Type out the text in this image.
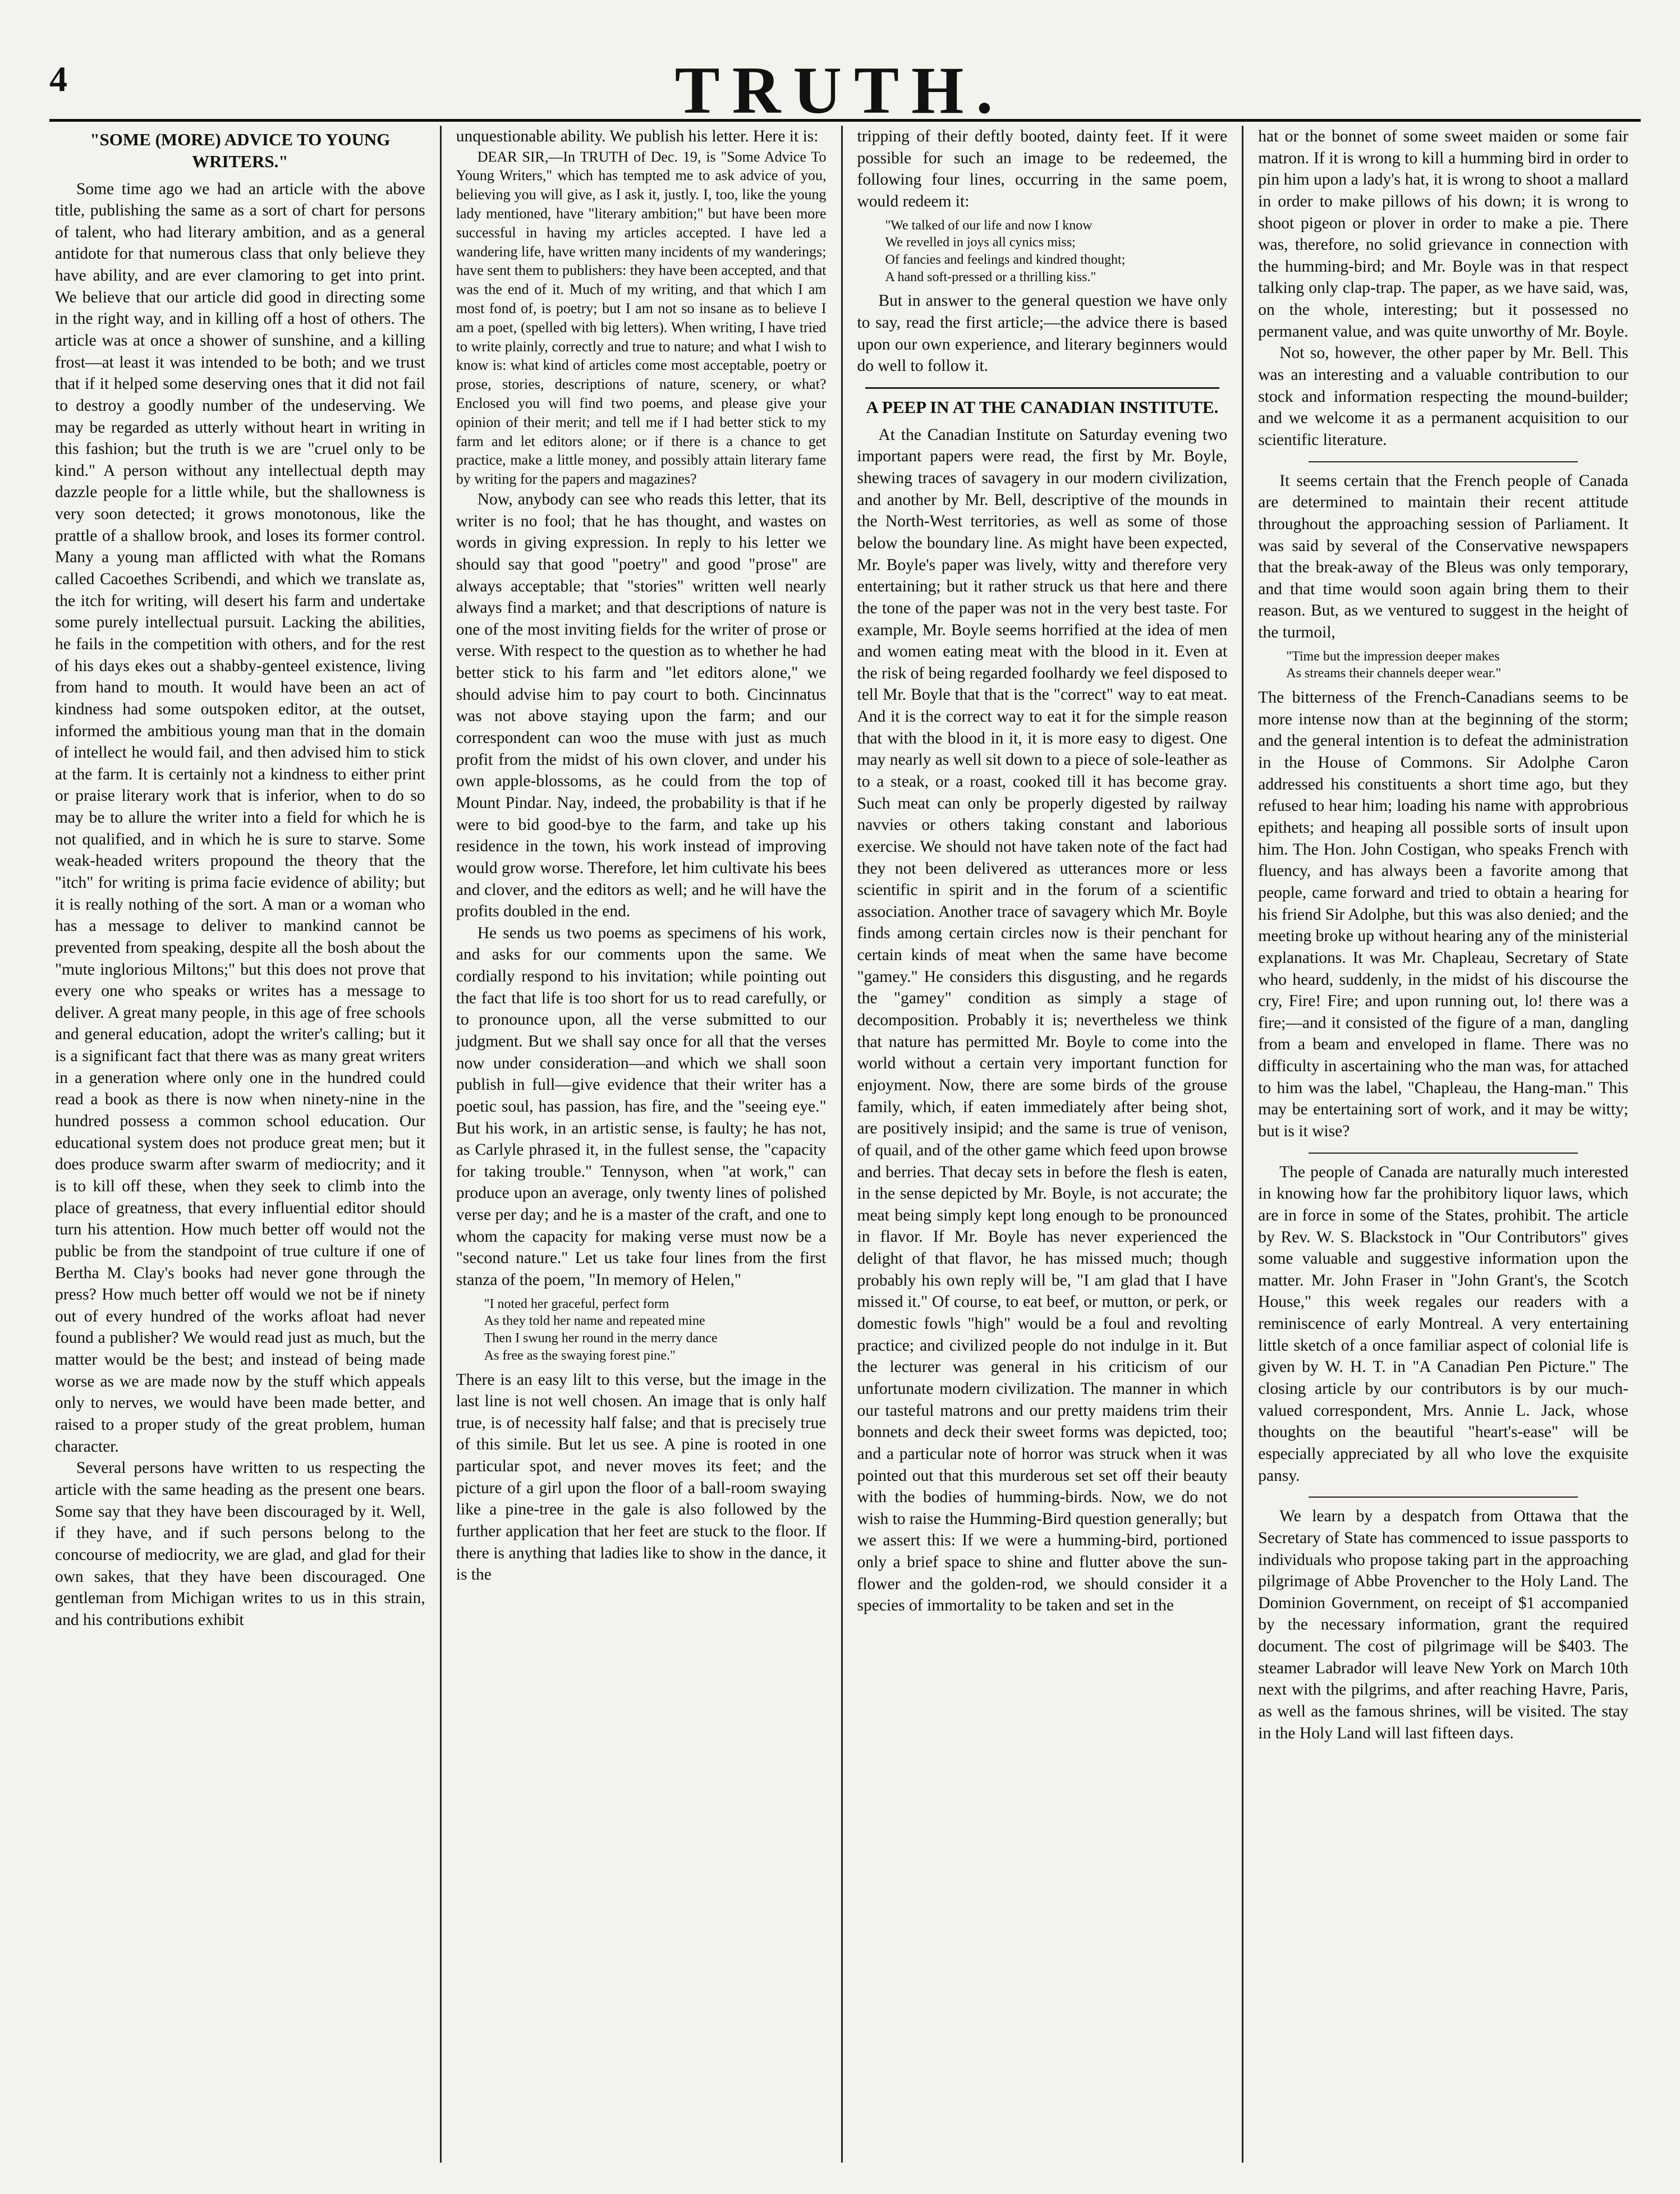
4	TRUTH.
"SOME (MORE) ADVICE TO YOUNG WRITERS."

Some time ago we had an article with the above title, publishing the same as a sort of chart for persons of talent, who had literary ambition, and as a general antidote for that numerous class that only believe they have ability, and are ever clamoring to get into print. We believe that our article did good in directing some in the right way, and in killing off a host of others. The article was at once a shower of sunshine, and a killing frost—at least it was intended to be both; and we trust that if it helped some deserving ones that it did not fail to destroy a goodly number of the undeserving. We may be regarded as utterly without heart in writing in this fashion; but the truth is we are "cruel only to be kind." A person without any intellectual depth may dazzle people for a little while, but the shallowness is very soon detected; it grows monotonous, like the prattle of a shallow brook, and loses its former control. Many a young man afflicted with what the Romans called Cacoethes Scribendi, and which we translate as, the itch for writing, will desert his farm and undertake some purely intellectual pursuit. Lacking the abilities, he fails in the competition with others, and for the rest of his days ekes out a shabby-genteel existence, living from hand to mouth. It would have been an act of kindness had some outspoken editor, at the outset, informed the ambitious young man that in the domain of intellect he would fail, and then advised him to stick at the farm. It is certainly not a kindness to either print or praise literary work that is inferior, when to do so may be to allure the writer into a field for which he is not qualified, and in which he is sure to starve. Some weak-headed writers propound the theory that the "itch" for writing is prima facie evidence of ability; but it is really nothing of the sort. A man or a woman who has a message to deliver to mankind cannot be prevented from speaking, despite all the bosh about the "mute inglorious Miltons;" but this does not prove that every one who speaks or writes has a message to deliver. A great many people, in this age of free schools and general education, adopt the writer's calling; but it is a significant fact that there was as many great writers in a generation where only one in the hundred could read a book as there is now when ninety-nine in the hundred possess a common school education. Our educational system does not produce great men; but it does produce swarm after swarm of mediocrity; and it is to kill off these, when they seek to climb into the place of greatness, that every influential editor should turn his attention. How much better off would not the public be from the standpoint of true culture if one of Bertha M. Clay's books had never gone through the press? How much better off would we not be if ninety out of every hundred of the works afloat had never found a publisher? We would read just as much, but the matter would be the best; and instead of being made worse as we are made now by the stuff which appeals only to nerves, we would have been made better, and raised to a proper study of the great problem, human character.

Several persons have written to us respecting the article with the same heading as the present one bears. Some say that they have been discouraged by it. Well, if they have, and if such persons belong to the concourse of mediocrity, we are glad, and glad for their own sakes, that they have been discouraged. One gentleman from Michigan writes to us in this strain, and his contributions exhibit

unquestionable ability. We publish his letter. Here it is:

DEAR SIR,—In TRUTH of Dec. 19, is "Some Advice To Young Writers," which has tempted me to ask advice of you, believing you will give, as I ask it, justly. I, too, like the young lady mentioned, have "literary ambition;" but have been more successful in having my articles accepted. I have led a wandering life, have written many incidents of my wanderings; have sent them to publishers: they have been accepted, and that was the end of it. Much of my writing, and that which I am most fond of, is poetry; but I am not so insane as to believe I am a poet, (spelled with big letters). When writing, I have tried to write plainly, correctly and true to nature; and what I wish to know is: what kind of articles come most acceptable, poetry or prose, stories, descriptions of nature, scenery, or what? Enclosed you will find two poems, and please give your opinion of their merit; and tell me if I had better stick to my farm and let editors alone; or if there is a chance to get practice, make a little money, and possibly attain literary fame by writing for the papers and magazines?

Now, anybody can see who reads this letter, that its writer is no fool; that he has thought, and wastes on words in giving expression. In reply to his letter we should say that good "poetry" and good "prose" are always acceptable; that "stories" written well nearly always find a market; and that descriptions of nature is one of the most inviting fields for the writer of prose or verse. With respect to the question as to whether he had better stick to his farm and "let editors alone," we should advise him to pay court to both. Cincinnatus was not above staying upon the farm; and our correspondent can woo the muse with just as much profit from the midst of his own clover, and under his own apple-blossoms, as he could from the top of Mount Pindar. Nay, indeed, the probability is that if he were to bid good-bye to the farm, and take up his residence in the town, his work instead of improving would grow worse. Therefore, let him cultivate his bees and clover, and the editors as well; and he will have the profits doubled in the end.

He sends us two poems as specimens of his work, and asks for our comments upon the same. We cordially respond to his invitation; while pointing out the fact that life is too short for us to read carefully, or to pronounce upon, all the verse submitted to our judgment. But we shall say once for all that the verses now under consideration—and which we shall soon publish in full—give evidence that their writer has a poetic soul, has passion, has fire, and the "seeing eye." But his work, in an artistic sense, is faulty; he has not, as Carlyle phrased it, in the fullest sense, the "capacity for taking trouble." Tennyson, when "at work," can produce upon an average, only twenty lines of polished verse per day; and he is a master of the craft, and one to whom the capacity for making verse must now be a "second nature." Let us take four lines from the first stanza of the poem, "In memory of Helen,"

"I noted her graceful, perfect form
As they told her name and repeated mine
Then I swung her round in the merry dance
As free as the swaying forest pine."

There is an easy lilt to this verse, but the image in the last line is not well chosen. An image that is only half true, is of necessity half false; and that is precisely true of this simile. But let us see. A pine is rooted in one particular spot, and never moves its feet; and the picture of a girl upon the floor of a ball-room swaying like a pine-tree in the gale is also followed by the further application that her feet are stuck to the floor. If there is anything that ladies like to show in the dance, it is the

tripping of their deftly booted, dainty feet. If it were possible for such an image to be redeemed, the following four lines, occurring in the same poem, would redeem it:

"We talked of our life and now I know
We revelled in joys all cynics miss;
Of fancies and feelings and kindred thought;
A hand soft-pressed or a thrilling kiss."

But in answer to the general question we have only to say, read the first article;—the advice there is based upon our own experience, and literary beginners would do well to follow it.

A PEEP IN AT THE CANADIAN INSTITUTE.

At the Canadian Institute on Saturday evening two important papers were read, the first by Mr. Boyle, shewing traces of savagery in our modern civilization, and another by Mr. Bell, descriptive of the mounds in the North-West territories, as well as some of those below the boundary line. As might have been expected, Mr. Boyle's paper was lively, witty and therefore very entertaining; but it rather struck us that here and there the tone of the paper was not in the very best taste. For example, Mr. Boyle seems horrified at the idea of men and women eating meat with the blood in it. Even at the risk of being regarded foolhardy we feel disposed to tell Mr. Boyle that that is the "correct" way to eat meat. And it is the correct way to eat it for the simple reason that with the blood in it, it is more easy to digest. One may nearly as well sit down to a piece of sole-leather as to a steak, or a roast, cooked till it has become gray. Such meat can only be properly digested by railway navvies or others taking constant and laborious exercise. We should not have taken note of the fact had they not been delivered as utterances more or less scientific in spirit and in the forum of a scientific association. Another trace of savagery which Mr. Boyle finds among certain circles now is their penchant for certain kinds of meat when the same have become "gamey." He considers this disgusting, and he regards the "gamey" condition as simply a stage of decomposition. Probably it is; nevertheless we think that nature has permitted Mr. Boyle to come into the world without a certain very important function for enjoyment. Now, there are some birds of the grouse family, which, if eaten immediately after being shot, are positively insipid; and the same is true of venison, of quail, and of the other game which feed upon browse and berries. That decay sets in before the flesh is eaten, in the sense depicted by Mr. Boyle, is not accurate; the meat being simply kept long enough to be pronounced in flavor. If Mr. Boyle has never experienced the delight of that flavor, he has missed much; though probably his own reply will be, "I am glad that I have missed it." Of course, to eat beef, or mutton, or perk, or domestic fowls "high" would be a foul and revolting practice; and civilized people do not indulge in it. But the lecturer was general in his criticism of our unfortunate modern civilization. The manner in which our tasteful matrons and our pretty maidens trim their bonnets and deck their sweet forms was depicted, too; and a particular note of horror was struck when it was pointed out that this murderous set set off their beauty with the bodies of humming-birds. Now, we do not wish to raise the Humming-Bird question generally; but we assert this: If we were a humming-bird, portioned only a brief space to shine and flutter above the sun-flower and the golden-rod, we should consider it a species of immortality to be taken and set in the

hat or the bonnet of some sweet maiden or some fair matron. If it is wrong to kill a humming bird in order to pin him upon a lady's hat, it is wrong to shoot a mallard in order to make pillows of his down; it is wrong to shoot pigeon or plover in order to make a pie. There was, therefore, no solid grievance in connection with the humming-bird; and Mr. Boyle was in that respect talking only clap-trap. The paper, as we have said, was, on the whole, interesting; but it possessed no permanent value, and was quite unworthy of Mr. Boyle.

Not so, however, the other paper by Mr. Bell. This was an interesting and a valuable contribution to our stock and information respecting the mound-builder; and we welcome it as a permanent acquisition to our scientific literature.

It seems certain that the French people of Canada are determined to maintain their recent attitude throughout the approaching session of Parliament. It was said by several of the Conservative newspapers that the break-away of the Bleus was only temporary, and that time would soon again bring them to their reason. But, as we ventured to suggest in the height of the turmoil,

"Time but the impression deeper makes
As streams their channels deeper wear."

The bitterness of the French-Canadians seems to be more intense now than at the beginning of the storm; and the general intention is to defeat the administration in the House of Commons. Sir Adolphe Caron addressed his constituents a short time ago, but they refused to hear him; loading his name with approbrious epithets; and heaping all possible sorts of insult upon him. The Hon. John Costigan, who speaks French with fluency, and has always been a favorite among that people, came forward and tried to obtain a hearing for his friend Sir Adolphe, but this was also denied; and the meeting broke up without hearing any of the ministerial explanations. It was Mr. Chapleau, Secretary of State who heard, suddenly, in the midst of his discourse the cry, Fire! Fire; and upon running out, lo! there was a fire;—and it consisted of the figure of a man, dangling from a beam and enveloped in flame. There was no difficulty in ascertaining who the man was, for attached to him was the label, "Chapleau, the Hang-man." This may be entertaining sort of work, and it may be witty; but is it wise?

The people of Canada are naturally much interested in knowing how far the prohibitory liquor laws, which are in force in some of the States, prohibit. The article by Rev. W. S. Blackstock in "Our Contributors" gives some valuable and suggestive information upon the matter. Mr. John Fraser in "John Grant's, the Scotch House," this week regales our readers with a reminiscence of early Montreal. A very entertaining little sketch of a once familiar aspect of colonial life is given by W. H. T. in "A Canadian Pen Picture." The closing article by our contributors is by our much-valued correspondent, Mrs. Annie L. Jack, whose thoughts on the beautiful "heart's-ease" will be especially appreciated by all who love the exquisite pansy.

We learn by a despatch from Ottawa that the Secretary of State has commenced to issue passports to individuals who propose taking part in the approaching pilgrimage of Abbe Provencher to the Holy Land. The Dominion Government, on receipt of $1 accompanied by the necessary information, grant the required document. The cost of pilgrimage will be $403. The steamer Labrador will leave New York on March 10th next with the pilgrims, and after reaching Havre, Paris, as well as the famous shrines, will be visited. The stay in the Holy Land will last fifteen days.
